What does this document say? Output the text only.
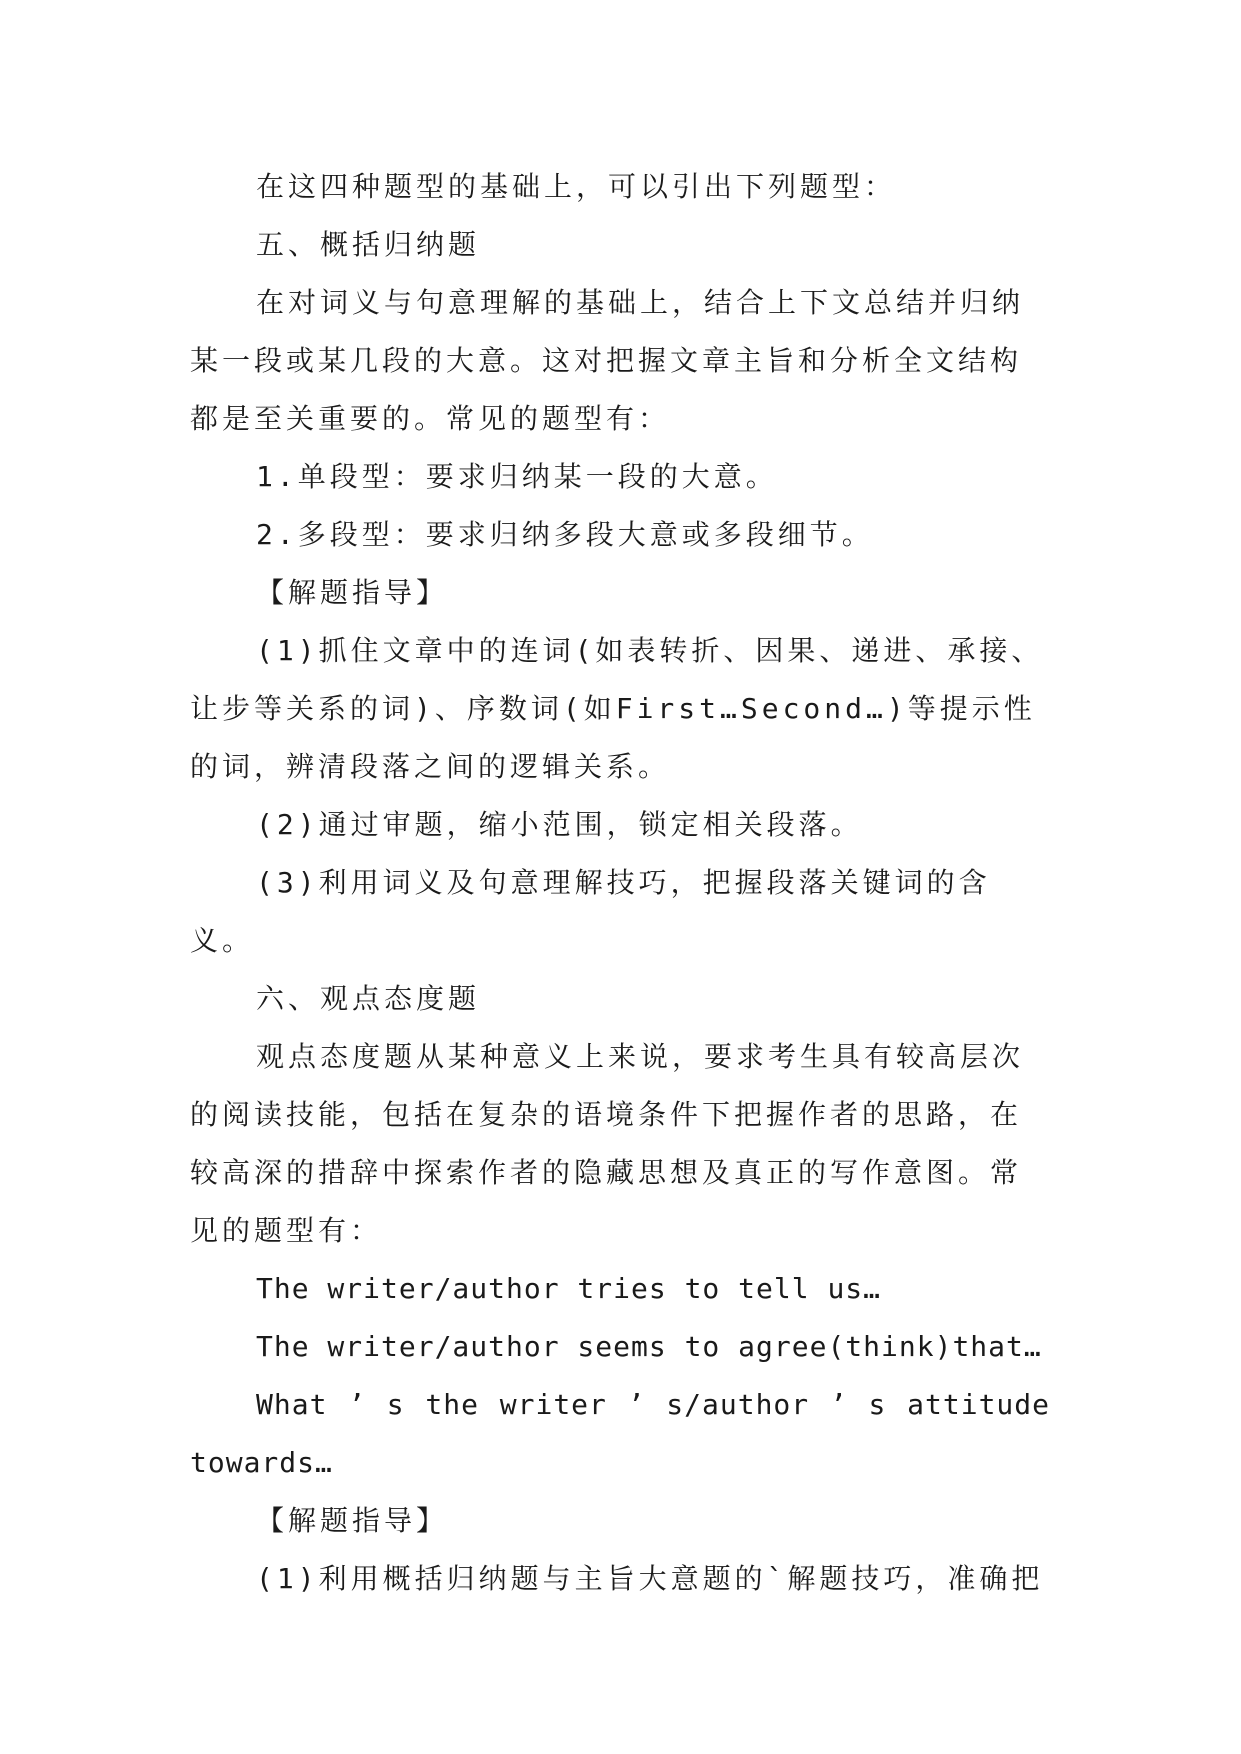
在这四种题型的基础上，可以引出下列题型：

五、概括归纳题

在对词义与句意理解的基础上，结合上下文总结并归纳某一段或某几段的大意。这对把握文章主旨和分析全文结构都是至关重要的。常见的题型有：

1.单段型：要求归纳某一段的大意。

2.多段型：要求归纳多段大意或多段细节。

【解题指导】

(1)抓住文章中的连词(如表转折、因果、递进、承接、让步等关系的词)、序数词(如First…Second…)等提示性的词，辨清段落之间的逻辑关系。

(2)通过审题，缩小范围，锁定相关段落。

(3)利用词义及句意理解技巧，把握段落关键词的含义。

六、观点态度题

观点态度题从某种意义上来说，要求考生具有较高层次的阅读技能，包括在复杂的语境条件下把握作者的思路，在较高深的措辞中探索作者的隐藏思想及真正的写作意图。常见的题型有：

The writer/author tries to tell us…

The writer/author seems to agree(think)that…

What ’ s the writer ’ s/author ’ s attitude towards…

【解题指导】

(1)利用概括归纳题与主旨大意题的`解题技巧，准确把
